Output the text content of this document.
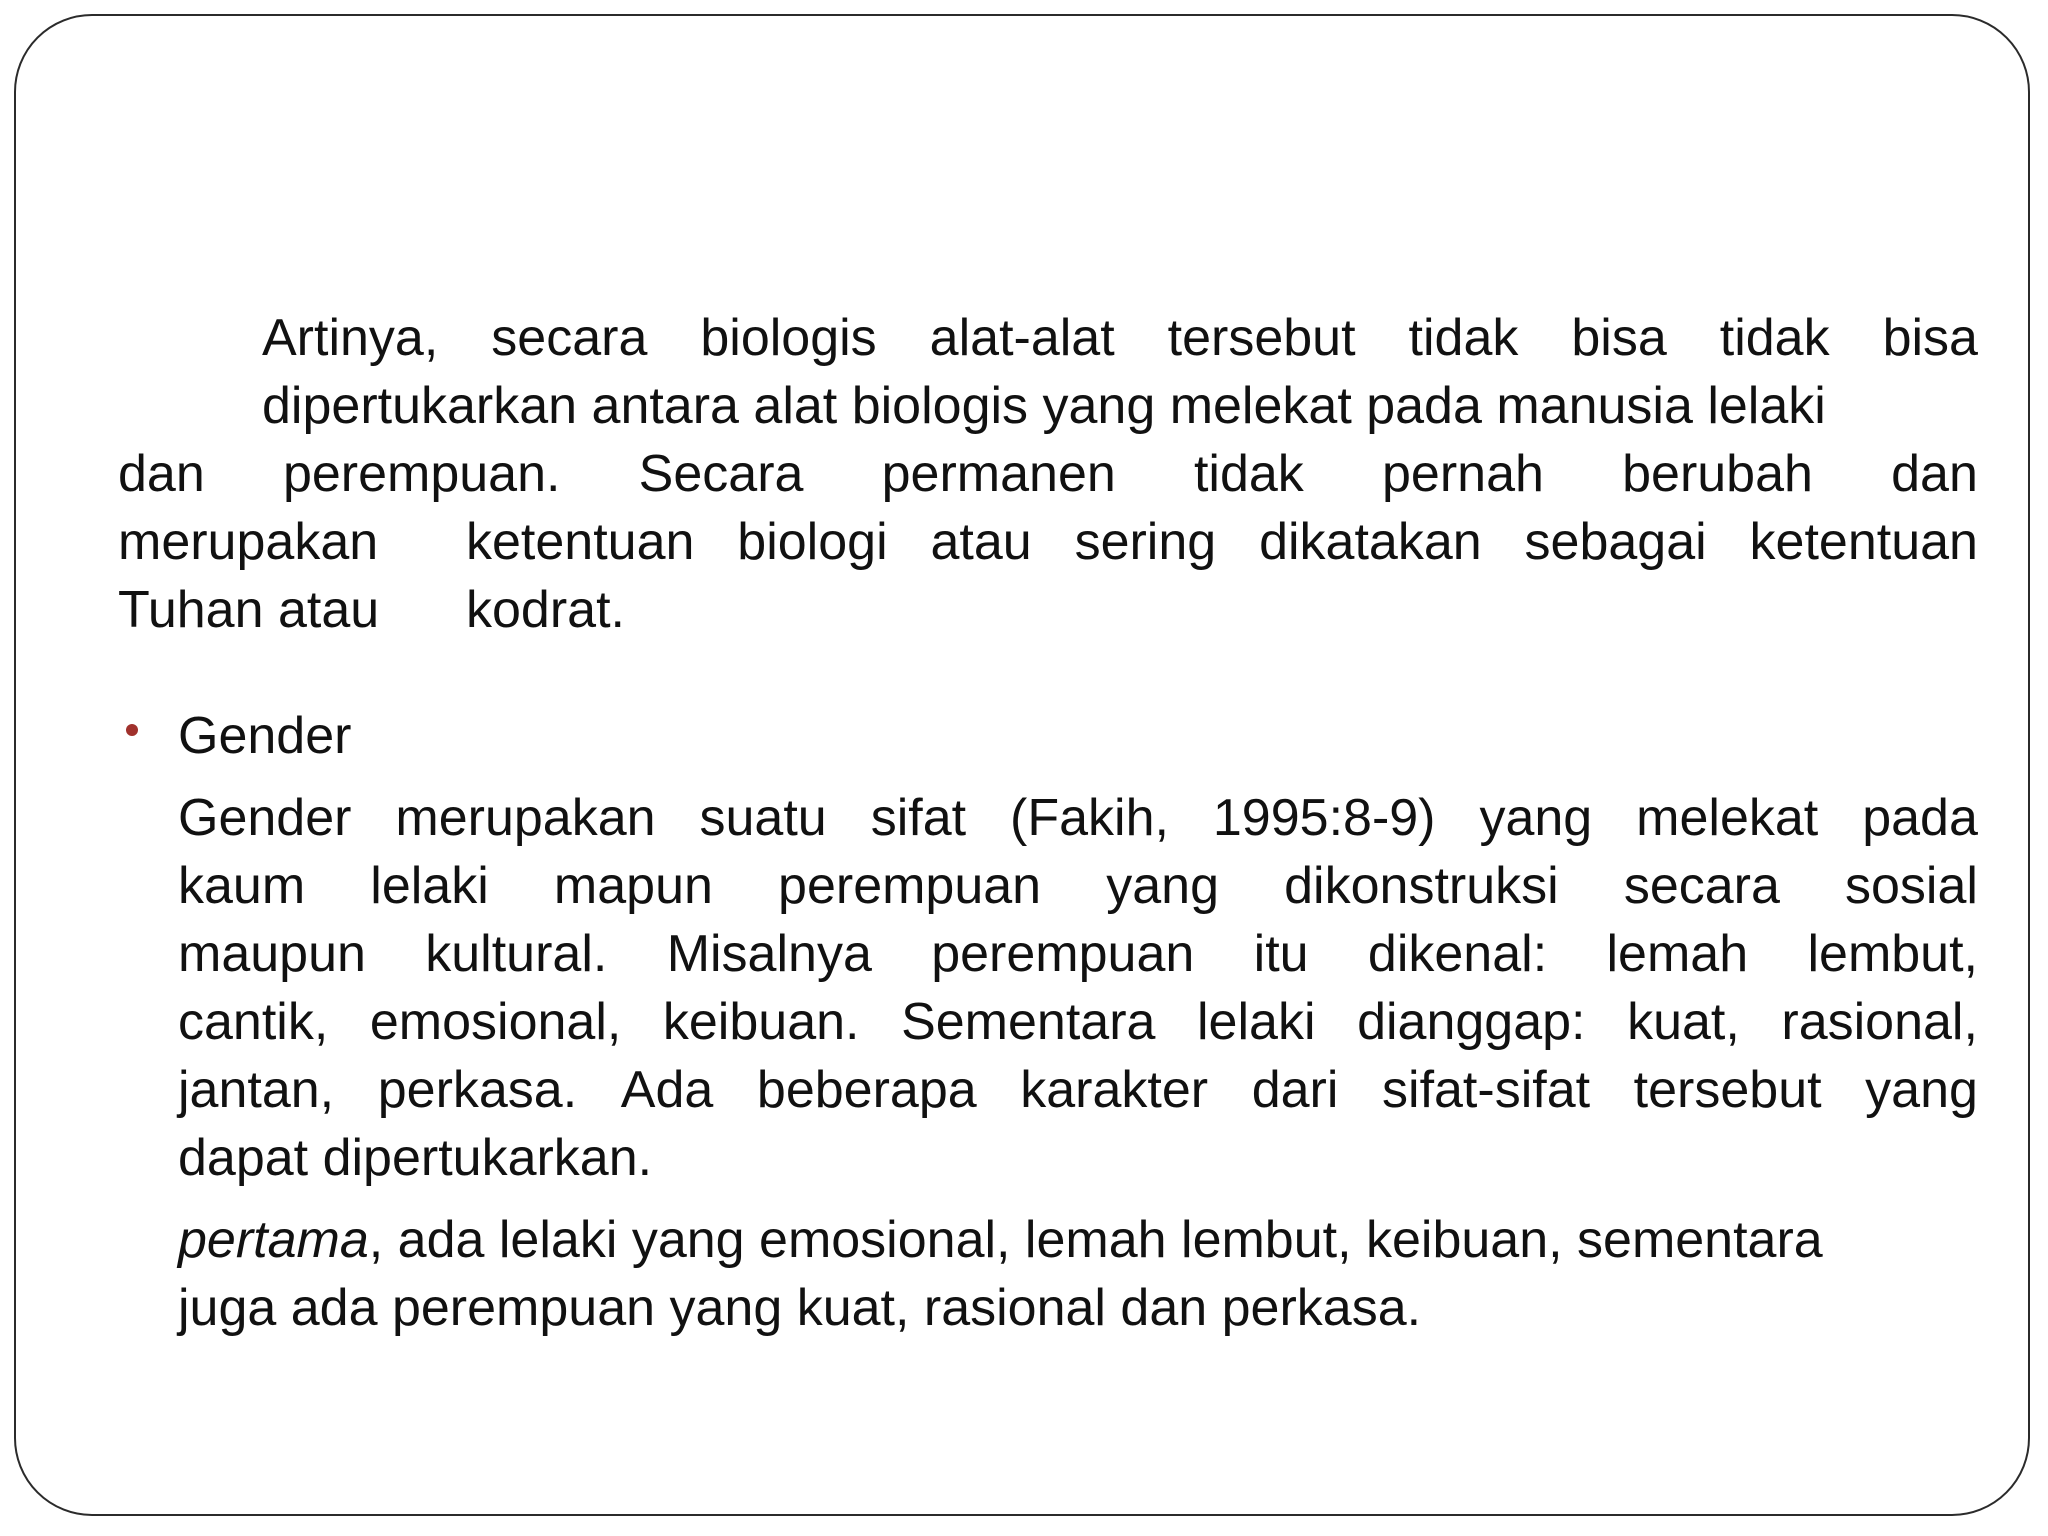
Artinya, secara biologis alat-alat tersebut tidak bisa tidak bisa
dipertukarkan antara alat biologis yang melekat pada manusia lelaki
dan perempuan. Secara permanen tidak pernah berubah dan
merupakan	ketentuan biologi atau sering dikatakan sebagai ketentuan
Tuhan atau	kodrat.
Gender
Gender merupakan suatu sifat (Fakih, 1995:8-9) yang melekat pada
kaum lelaki mapun perempuan yang dikonstruksi secara sosial
maupun kultural. Misalnya perempuan itu dikenal: lemah lembut,
cantik, emosional, keibuan. Sementara lelaki dianggap: kuat, rasional,
jantan, perkasa. Ada beberapa karakter dari sifat-sifat tersebut yang
dapat dipertukarkan.
pertama, ada lelaki yang emosional, lemah lembut, keibuan, sementara
juga ada perempuan yang kuat, rasional dan perkasa.
